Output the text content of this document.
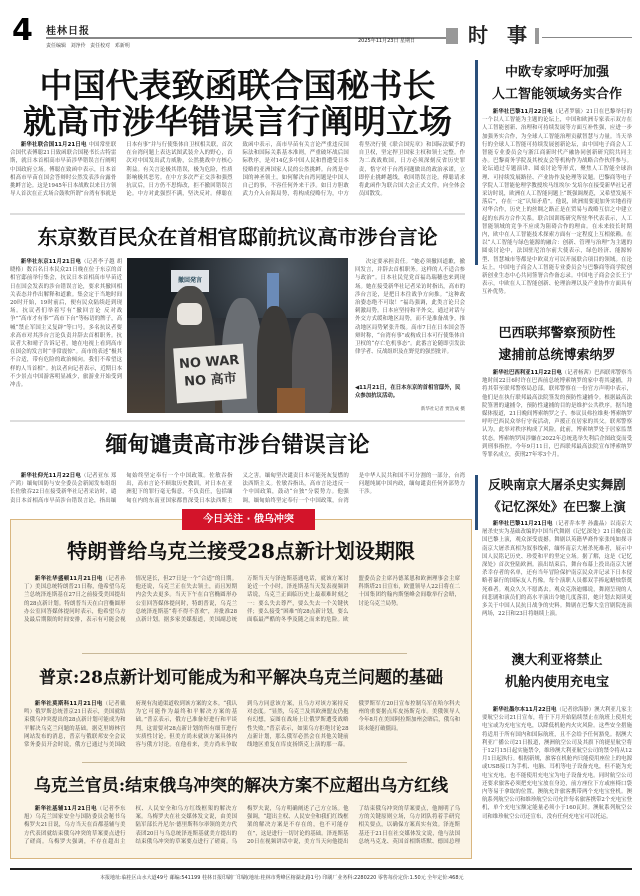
4 桂林日报
责任编辑 刘净伶 责任校对 邓新明
2025年11月23日 星期日	时 事
中国代表致函联合国秘书长
就高市涉华错误言行阐明立场
新华社联合国11月21日电 中国常驻联合国代表傅聪21日致函联合国秘书长古特雷斯，就日本首相高市早苗涉华错误言行阐明中国政府立场。傅聪在致函中表示，日本首相高市早苗在国会答辩时公然发表涉台露骨挑衅言论。这是1945年日本战败以来日方领导人首次在正式场合鼓吹所谓“台湾有事就是日本有事”并与行使集体自卫权相关联，首次在台湾问题上表达试图武装介入的野心，首次对中国发出武力威胁，公然挑战中方核心利益。有关言论极其错误，极为危险，性质影响极其恶劣。在中方多次严正交涉和强烈抗议后，日方仍不思悔改，拒不撤回错误言论。中方对此强烈不满，坚决反对。傅聪在致函中表示，高市早苗有关言论严重违反国际法和国际关系基本准则，严重破坏战后国际秩序，是对14亿多中国人民和曾遭受日本侵略的亚洲国家人民的公然挑衅。台湾是中国的神圣领土，如何解决台湾问题是中国人自己的事，不容任何外来干涉。如日方胆敢武力介入台海局势，将构成侵略行为，中方将坚决行使《联合国宪章》和国际法赋予的自卫权，坚定捍卫国家主权和领土完整。作为二战战败国，日方必须深刻反省历史罪责，恪守对于台湾问题做出的政治承诺，立即停止挑衅越线，收回错误言论。傅聪请求将此函作为联合国大会正式文件，向全体会员国散发。
东京数百民众在首相官邸前抗议高市涉台言论
新华社东京11月21日电（记者李子越 胡晓格）数百名日本民众21日晚在位于东京的首相官邸前举行集会，抗议日本首相高市早苗近日在国会发表的涉台错误言论，要求其撤回相关表态并作出解释和道歉。集会定于当地时间20时开始，19时前后，便有民众陆续赶到现场。抗议者们举着写有“撤回言论 反对战争”“高市才有事”“高市下台”等标语的牌子，高喊“禁止军国主义复辟”等口号。多名抗议者要求高市对其涉台言论负责并辞去首相职务。抗议者大和晴子告诉记者，她在电视上看到高市在国会的发言时“非常震惊”。高市的表述“极其不合适，带有危险的政治倾向。我们不希望这样的人当首相”。抗议者向记者表示，近期日本不少景点中国游客明显减少，旅游业开始受到冲击。
撤回発言
NO WAR
NO 高市
决定要承担责任。“她必须撤回道歉，撤回发言，并辞去首相职务。这样的人不适合参与政治”。日本社民党党首福岛瑞穗也来到现场。她在接受新华社记者采访时指出，高市的涉台言论，是把日本往战争方向推。“这种政治姿态绝不可取！”福岛强调，此类言论只会刺激局势。日本应坚持和平外交，通过对话与外交方式缓和地区局势，而不是准备战争，推动地区局势紧张升级。高市7日在日本国会答辩时称，“台湾有事”或构成日本可行使集体自卫权的“存亡危机事态”。此番言论随即引发法律学者、反战组织及在野党的强烈批评。
◀11月21日，在日本东京的首相官邸外，民众参加抗议活动。
新华社记者 贾浩成 摄
缅甸谴责高市涉台错误言论
新华社仰光11月22日电（记者亚东 郑产鸿）缅甸国防与安全委员会新闻发布组组长佐敏吞22日在接受新华社记者采访时，谴责日本首相高市早苗涉台错误言论，指出缅甸始终坚定奉行一个中国政策。佐敏吞指出，高市言论不顾取历史教训，对日本在亚洲犯下的罪行毫无悔意，不负责任，包括缅甸在内的东南亚国家都曾深受日本法西斯主义之害。缅甸坚决谴责日本可能死灰复燃的法西斯主义。佐敏吞指出，高市言论违反一个中国政策，鼓动“台独”分裂势力。他强调，缅甸始终坚定奉行一个中国政策，台湾是中华人民共和国不可分割的一部分，台湾问题纯属中国内政，缅甸谴责任何外部势力干涉。
今日关注 · 俄乌冲突
特朗普给乌克兰接受28点新计划设期限
新华社华盛顿11月21日电（记者孙丁）美国总统特朗普21日称，他希望乌克兰总统泽连斯基在27日之前接受美国提出的28点新计划。特朗普当天在白宫椭圆形办公室回答媒体提问时表示，他希望乌方及最后期限的时间安排，表示有可能会视情况延长，但27日是一个“合适”的日期。他还说，乌克兰正在失去领土，而且短期内会失去更多。当天下午在白宫椭圆形办公室回答媒体提问时，特朗普说，乌克兰总统泽连斯基“将不得不喜欢”，并批准28点新计划。据多家美媒报道，美国副总统万斯当天与泽连斯基通电话，就该方案讨论近一个小时。泽连斯基当天发表视频讲话说，乌克兰正面临历史上最艰难时刻之一：要么失去尊严，要么失去一个关键伙伴；要么接受“困难”的28点新计划，要么面临最严酷的冬季及随之而来的危险。欧盟委员会主席冯德莱恩和欧洲理事会主席科斯塔21日宣布，欧盟领导人22日将在二十国集团约翰内斯堡峰会间歇举行会晤，讨论乌克兰局势。
普京:28点新计划可能成为和平解决乌克兰问题的基础
新华社莫斯科11月21日电（记者戴鸣）俄罗斯总统普京21日表示，美国就结束俄乌冲突提出的28点新计划可能成为和平解决乌克兰问题的基础。据克里姆林宫网站发布的消息，普京与俄联邦安全会议常务委员开会时说，俄方已通过与美国政府现有沟通渠道收到该方案的文本。“我认为它可能作为最终和平解决方案的基础。”普京表示，俄方已准备好进行和平谈判，这需要对28点新计划的所有细节进行实质性讨论。但美方尚未就该方案具体内容与俄方讨论。在他看来，美方尚未争取到乌方同意该方案，且乌方对该方案持反对态度。“显然，乌克兰及其欧洲盟友仍抱有幻想，妄图在战场上让俄罗斯遭受战略性失败。”普京表示，如果乌方拒绝讨论28点新计划，那么俄军必然会在其他关键前线地区重复在库皮扬斯克上演的那一幕。俄罗斯军方20日宣布控制乌军在哈尔科夫州的重要据点库皮扬斯克市。美俄领导人今年8月在美国阿拉斯加州会晤后，俄乌和谈未能打破僵局。
乌克兰官员:结束俄乌冲突的解决方案不应超出乌方红线
新华社基辅11月21日电（记者李东旭）乌克兰国家安全与国防委员会秘书乌梅罗夫21日说，乌方当天在首都基辅与美方代表团就结束俄乌冲突的草案要点进行了磋商。乌梅罗夫强调，不存在超出主权、人民安全和乌方红线框架的解决方案。乌梅罗夫在社交媒体发文说，由美国陆军部长丹尼尔·德里斯科尔率领的美方代表团20日与乌总统泽连斯基就美方提出的结束俄乌冲突的草案要点进行了磋商。乌梅罗夫说，乌方明确阐述了己方立场。他强调，“超出主权、人民安全和我们红线框架的解决方案是不存在的，也不可能存在”，这是进行一切讨论的基础。泽连斯基20日在视频讲话中说，美方当天向他提出了结束俄乌冲突的草案要点，他阐明了乌方的关键原则立场，乌方团队将着手研究相关要点，以确保方案真实有效。泽连斯基还于21日在社交媒体发文说，他与法国总统马克龙、英国首相斯塔默、德国总理
中欧专家呼吁加强
人工智能领域务实合作
新华社巴黎11月22日电（记者罗毓）21日在巴黎举行的一个以人工智能为主题的论坛上，中国和欧洲专家表示双方在人工智能创新、治理和可持续发展等方面互补性强，应进一步加强务实合作，为全球人工智能治理贡献智慧与力量。当天举行的全球人工智能可持续发展创新论坛，由中国电子商会人工智能专业委员会与浙江商新时代产融协同创新研究院共同主办。巴黎商务学院及其校友会等机构作为战略合作伙伴参与。论坛通过专题演讲、圆桌讨论等形式，聚焦人工智能全球治理、可持续发展路径、产业协作及伦理等议题。巴黎商等电子学院人工智能伦理学教授埃马纽埃尔·戈培尔在接受新华社记者采访时说，欧洲在人工智能问题上“既强调规范，又希望发展不落后”，存在一定“认知矛盾”。他说，欧洲需要更加务实地看待对华合作，历史上的丝绸之路正是在贸易与战略互信之中建立起的东西方合作关系。联合国训练研究所驻华代表表示，人工智能领域的竞争不应成为阻碍合作的理由。在未来较长时期内，欧中在人工智能技术探索方面有一定程度上互相依赖。在以“人工智能与绿色能源的融合：创新、管理与治理”为主题的圆桌讨论中，法国驻尼泊尔前大使表示，绿色经济、能源转型、智慧城市等都是中欧双方可以开展联合项目的领域。在论坛上，中国电子商会人工智能专业委员会与巴黎商等商学院创新创业生态中心共同签署合作备忘录。中国电子商会会长王宁表示，中欧在人工智能创新、伦理治理以及产业协作方面具有互补优势。
巴西联邦警察预防性
逮捕前总统博索纳罗
新华社巴西利亚11月22日电（记者杨茜）巴西联邦警察当地时间22日6时许在巴西前总统博索纳罗的家中将其逮捕，并将其带至联邦警察局总部。联邦警察在一份官方声明中表示，他们是在执行联邦最高法院签发的预防性逮捕令。根据最高法院签署的逮捕令，预防性逮捕的目的是维护公共秩序。据当地媒体报道，21日晚间博索纳罗之子、参议员弗拉维奥·博索纳罗呼吁巴西民众举行守夜活动，声援正在居家的其父。联邦警察认为，此举对秩序构成了风险。此前，博索纳罗处于居家监禁状态。博索纳罗因涉嫌在2022年总统选举失利后企图政变而受到刑事指控。今年9月11日，巴西联邦最高法院宣布博索纳罗等罪名成立，获刑27年零3个月。
反映南京大屠杀史实舞剧
《记忆深处》在巴黎上演
新华社巴黎11月21日电（记者乔本孝 孙鑫晶）以南京大屠杀史实为基础改编的中国当代舞剧《记忆深处》21日晚在法国巴黎上演，观众深受震撼。舞剧以英籍华裔作家张纯如探寻南京大屠杀真相为叙事线索，缅怀南京大屠杀死难者，展示中国人民铭记历史、珍爱和平的坚定立场。据了解，这是《记忆深处》首次登陆欧洲。演出结束后，舞台布幕上投出南京大屠杀幸存者的名单，还有当年冒险保护南京民众并记录下日本侵略者暴行的国际友人肖像。每个演职人员都双手捧起蜡烛祭奠死难者。观众久久不愿离去。观众克洛迪娜说，舞剧呈现的人间悲剧和演员们的高水平演出令她几度落泪，她计划去阅读更多关于中国人民抗日战争的史料。舞剧在巴黎大皇宫剧院连演两场，22日和23日将继续上演。
澳大利亚将禁止
机舱内使用充电宝
新华社墨尔本11月22日电（记者徐海静）澳大利亚几家主要航空公司21日宣布，将于下月开始陆续禁止在航班上使用充电宝或为充电宝充电，以降低机舱内火灾风险。这些安全措施将适用于所有国内和国际航班，且不会给予任何豁免。据澳大利亚广播公司21日报道，澳洲航空公司及其旗下的捷星航空将于12月15日起实施禁令，维珍澳大利亚航空公司的禁令将从12月1日起执行。根据新规，旅客在机舱内只能使用座位上的电源或USB接口为手机、电脑、耳机等电子设备充电，但不能为充电宝充电，也不能使用充电宝为电子设备充电。同时航空公司还要求旅客必须把充电宝放在身边，前方座位下方或座椅口袋内等易于拿取的位置。澳航允许旅客携带两个充电宝登机。澳航系列航空公司和维珍航空公司允许每名旅客携带2个充电宝登机，单个充电宝额定能量必须小于160瓦时。澳航系列航空公司和维珍航空公司还宣布，没有任何充电宝可以托运。
本报地址:临桂区山水大道49号 邮编:541199 桂林日报印刷厂印刷(地址:桂林市秀峰区榕湖北路1号) 印刷厂业务科:2280220 零售每份定价:1.50元 全年定价:468元
